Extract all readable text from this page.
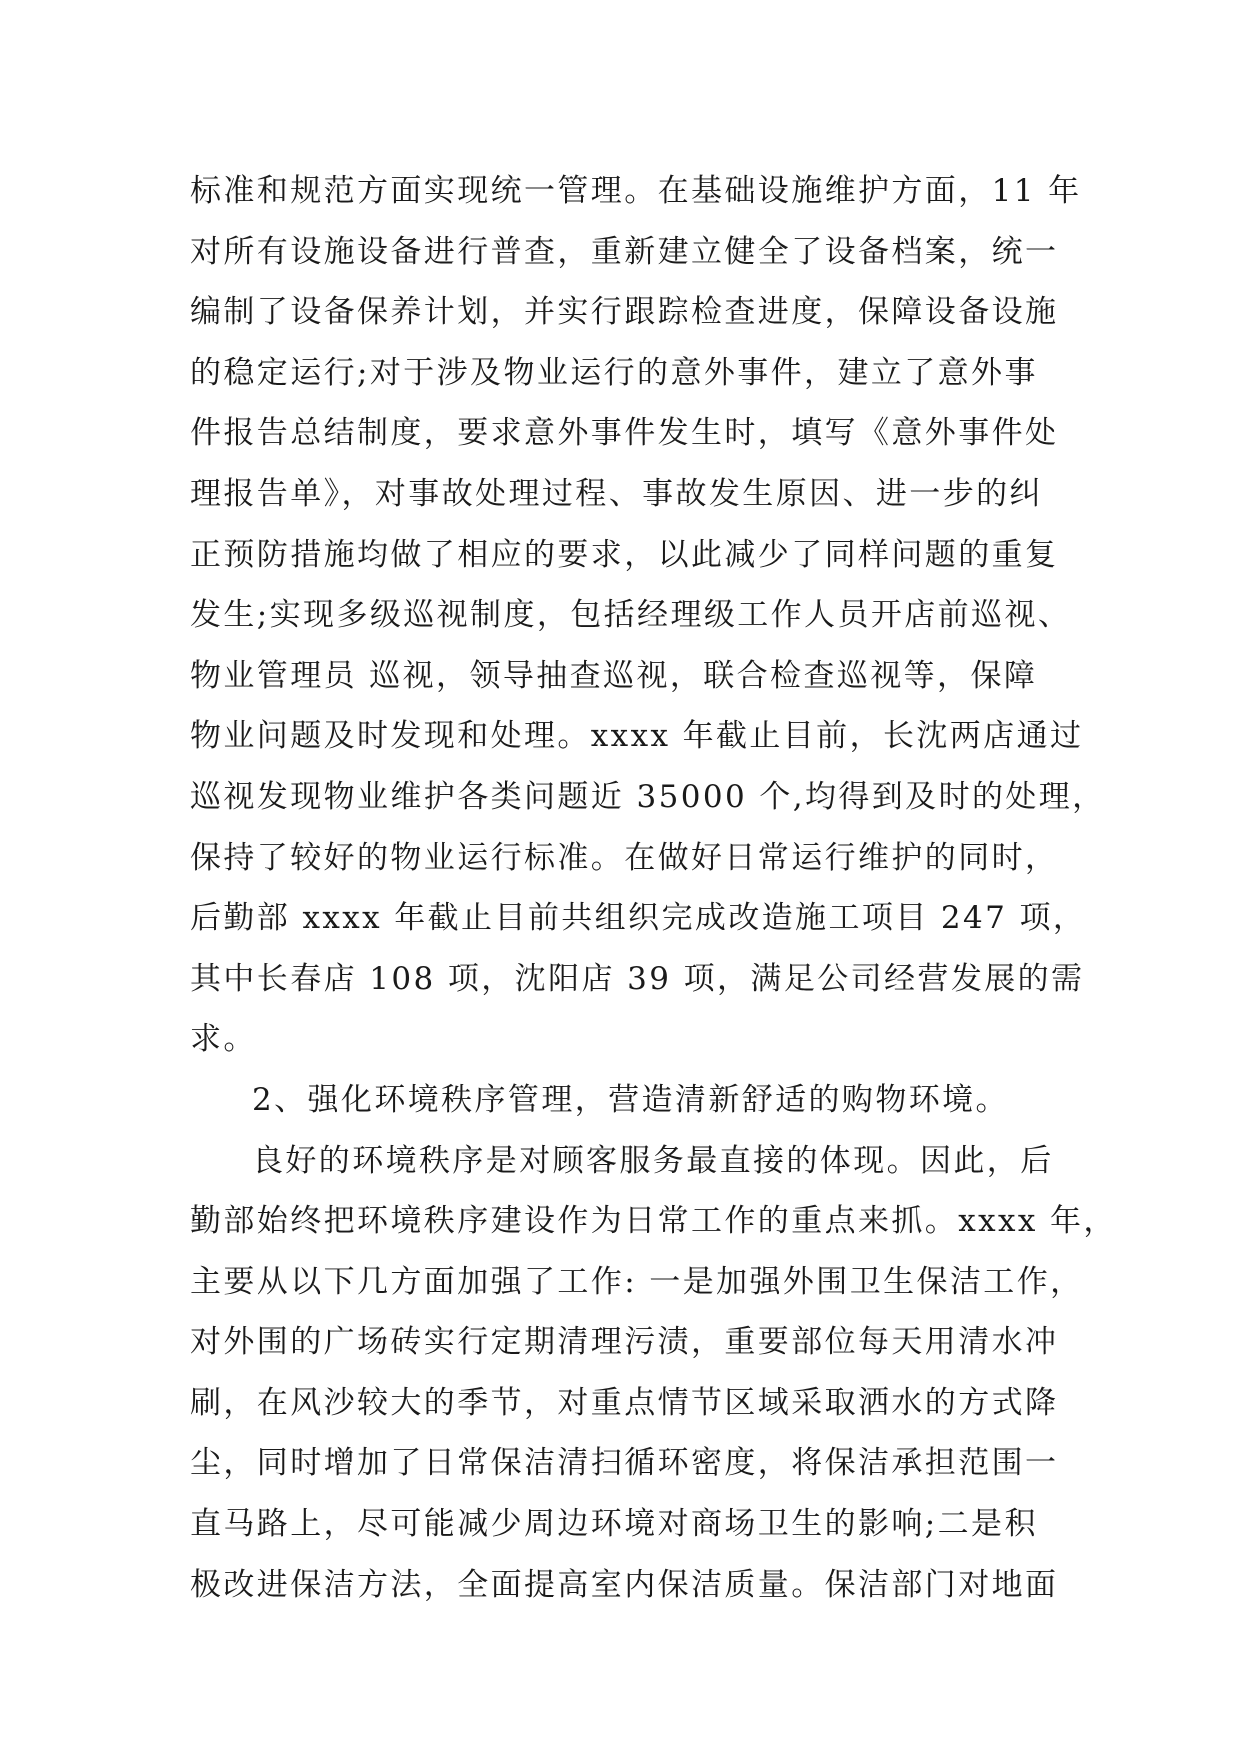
标准和规范方面实现统一管理。在基础设施维护方面，11 年
对所有设施设备进行普查，重新建立健全了设备档案，统一
编制了设备保养计划，并实行跟踪检查进度，保障设备设施
的稳定运行;对于涉及物业运行的意外事件，建立了意外事
件报告总结制度，要求意外事件发生时，填写《意外事件处
理报告单》，对事故处理过程、事故发生原因、进一步的纠
正预防措施均做了相应的要求，以此减少了同样问题的重复
发生;实现多级巡视制度，包括经理级工作人员开店前巡视、
物业管理员 巡视，领导抽查巡视，联合检查巡视等，保障
物业问题及时发现和处理。xxxx 年截止目前，长沈两店通过
巡视发现物业维护各类问题近 35000 个,均得到及时的处理，
保持了较好的物业运行标准。在做好日常运行维护的同时，
后勤部 xxxx 年截止目前共组织完成改造施工项目 247 项，
其中长春店 108 项，沈阳店 39 项，满足公司经营发展的需
求。
2、强化环境秩序管理，营造清新舒适的购物环境。
良好的环境秩序是对顾客服务最直接的体现。因此，后
勤部始终把环境秩序建设作为日常工作的重点来抓。xxxx 年，
主要从以下几方面加强了工作: 一是加强外围卫生保洁工作，
对外围的广场砖实行定期清理污渍，重要部位每天用清水冲
刷，在风沙较大的季节，对重点情节区域采取洒水的方式降
尘，同时增加了日常保洁清扫循环密度，将保洁承担范围一
直马路上，尽可能减少周边环境对商场卫生的影响;二是积
极改进保洁方法，全面提高室内保洁质量。保洁部门对地面
